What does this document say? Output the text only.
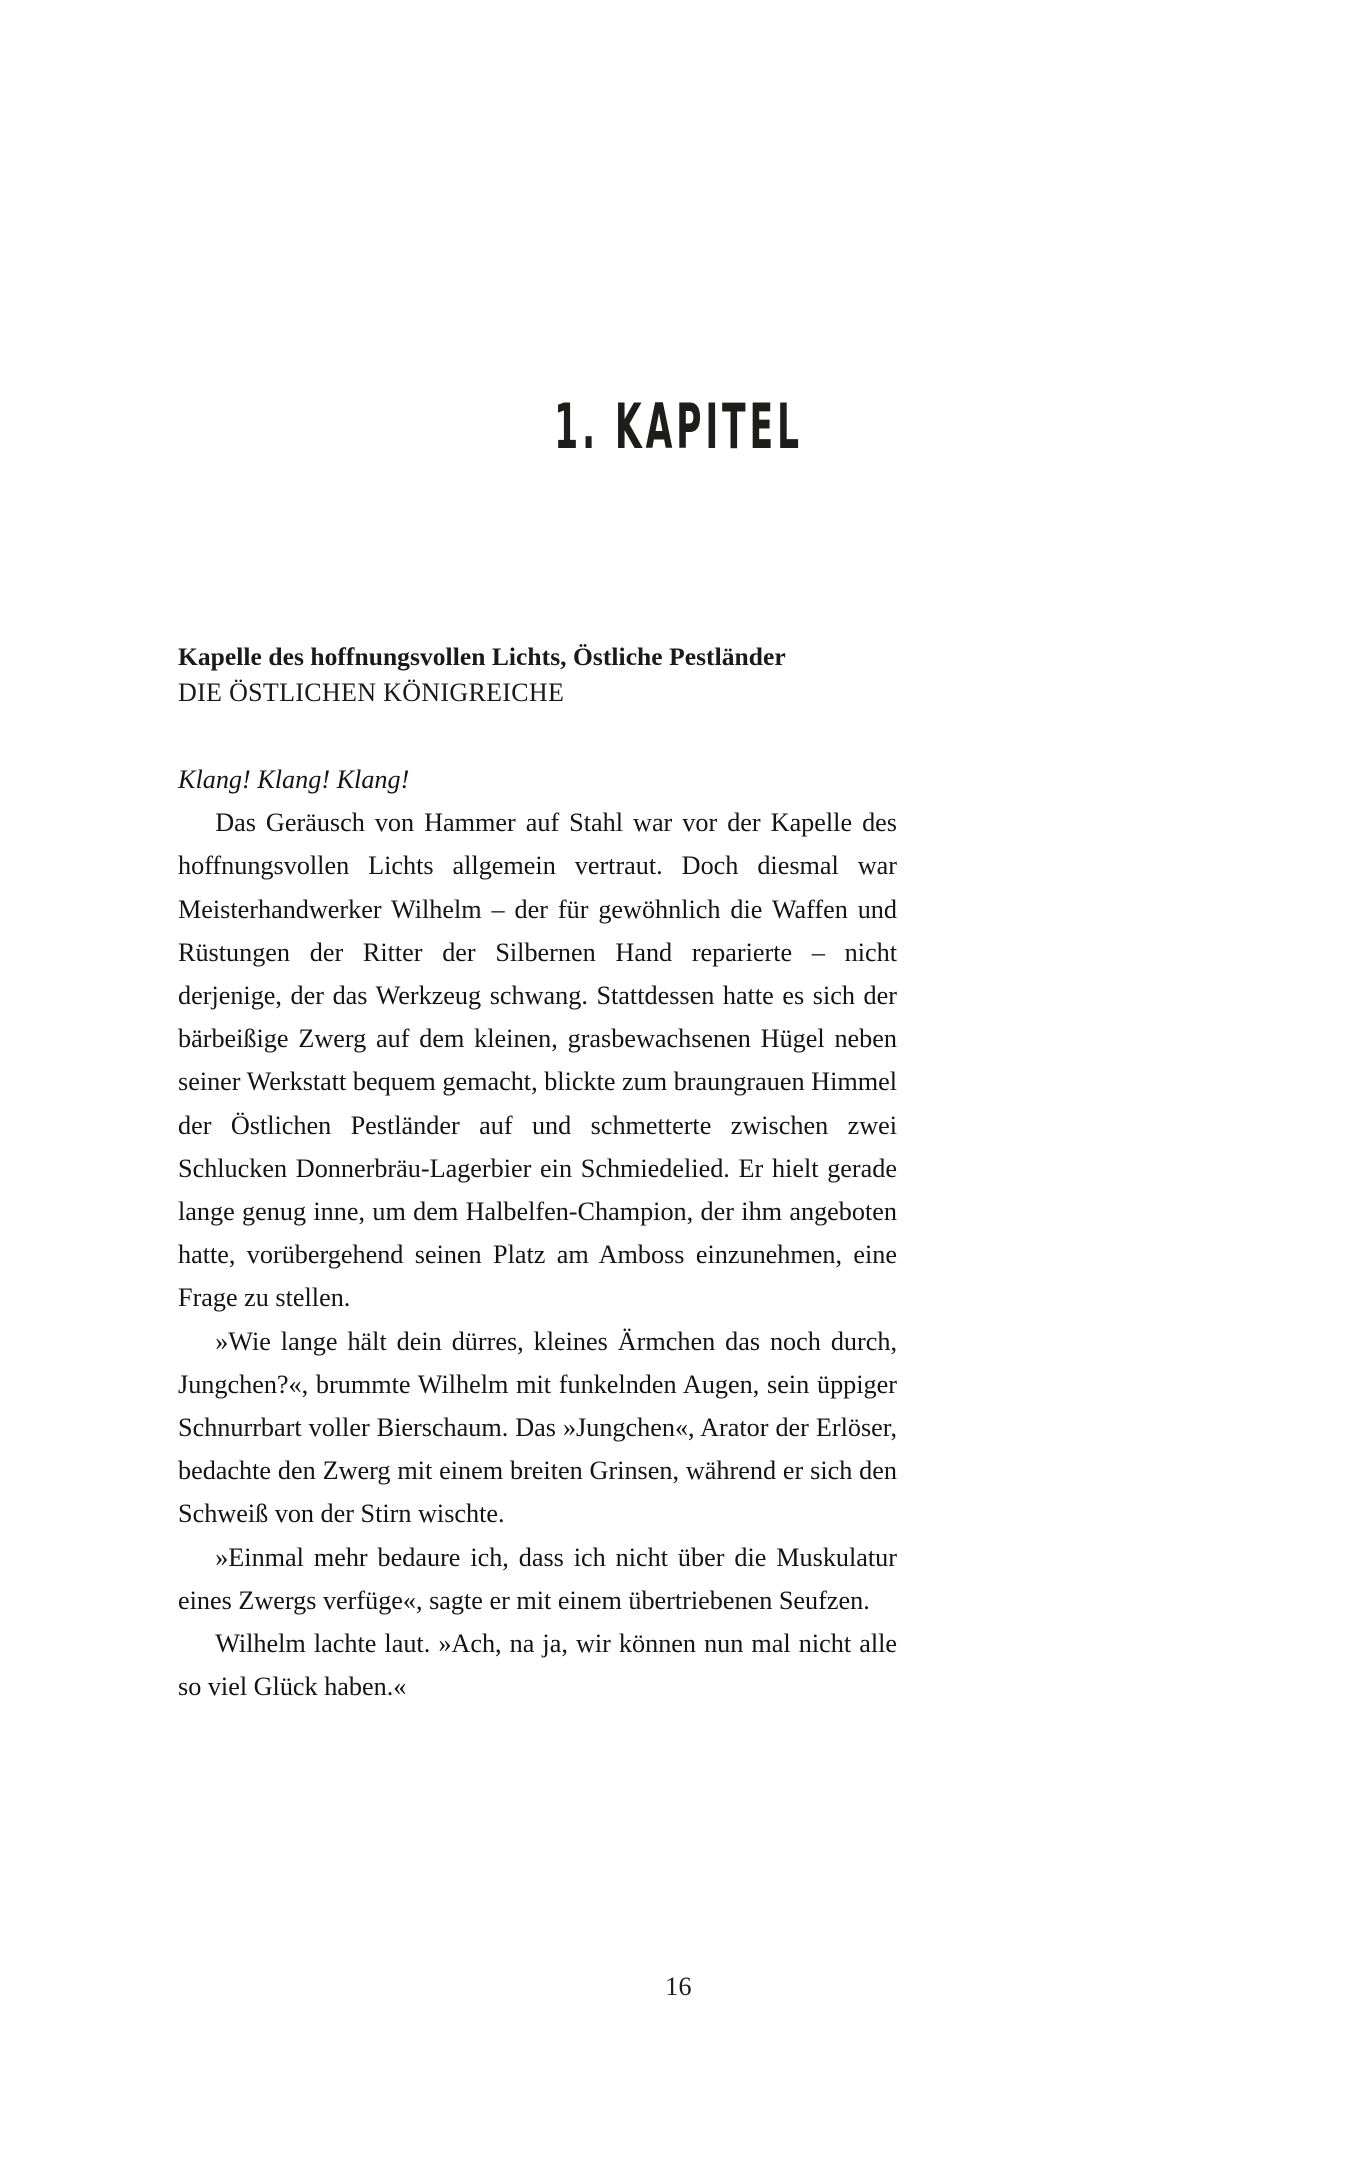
1. KAPITEL
Kapelle des hoffnungsvollen Lichts, Östliche Pestländer
DIE ÖSTLICHEN KÖNIGREICHE

Klang! Klang! Klang!

Das Geräusch von Hammer auf Stahl war vor der Kapelle des hoffnungsvollen Lichts allgemein vertraut. Doch diesmal war Meisterhandwerker Wilhelm – der für gewöhnlich die Waffen und Rüstungen der Ritter der Silbernen Hand reparierte – nicht derjenige, der das Werkzeug schwang. Stattdessen hatte es sich der bärbeißige Zwerg auf dem kleinen, grasbewachsenen Hügel neben seiner Werkstatt bequem gemacht, blickte zum braungrauen Himmel der Östlichen Pestländer auf und schmetterte zwischen zwei Schlucken Donnerbräu-Lagerbier ein Schmiedelied. Er hielt gerade lange genug inne, um dem Halbelfen-Champion, der ihm angeboten hatte, vorübergehend seinen Platz am Amboss einzunehmen, eine Frage zu stellen.

»Wie lange hält dein dürres, kleines Ärmchen das noch durch, Jungchen?«, brummte Wilhelm mit funkelnden Augen, sein üppiger Schnurrbart voller Bierschaum. Das »Jungchen«, Arator der Erlöser, bedachte den Zwerg mit einem breiten Grinsen, während er sich den Schweiß von der Stirn wischte.

»Einmal mehr bedaure ich, dass ich nicht über die Muskulatur eines Zwergs verfüge«, sagte er mit einem übertriebenen Seufzen.

Wilhelm lachte laut. »Ach, na ja, wir können nun mal nicht alle so viel Glück haben.«

16
